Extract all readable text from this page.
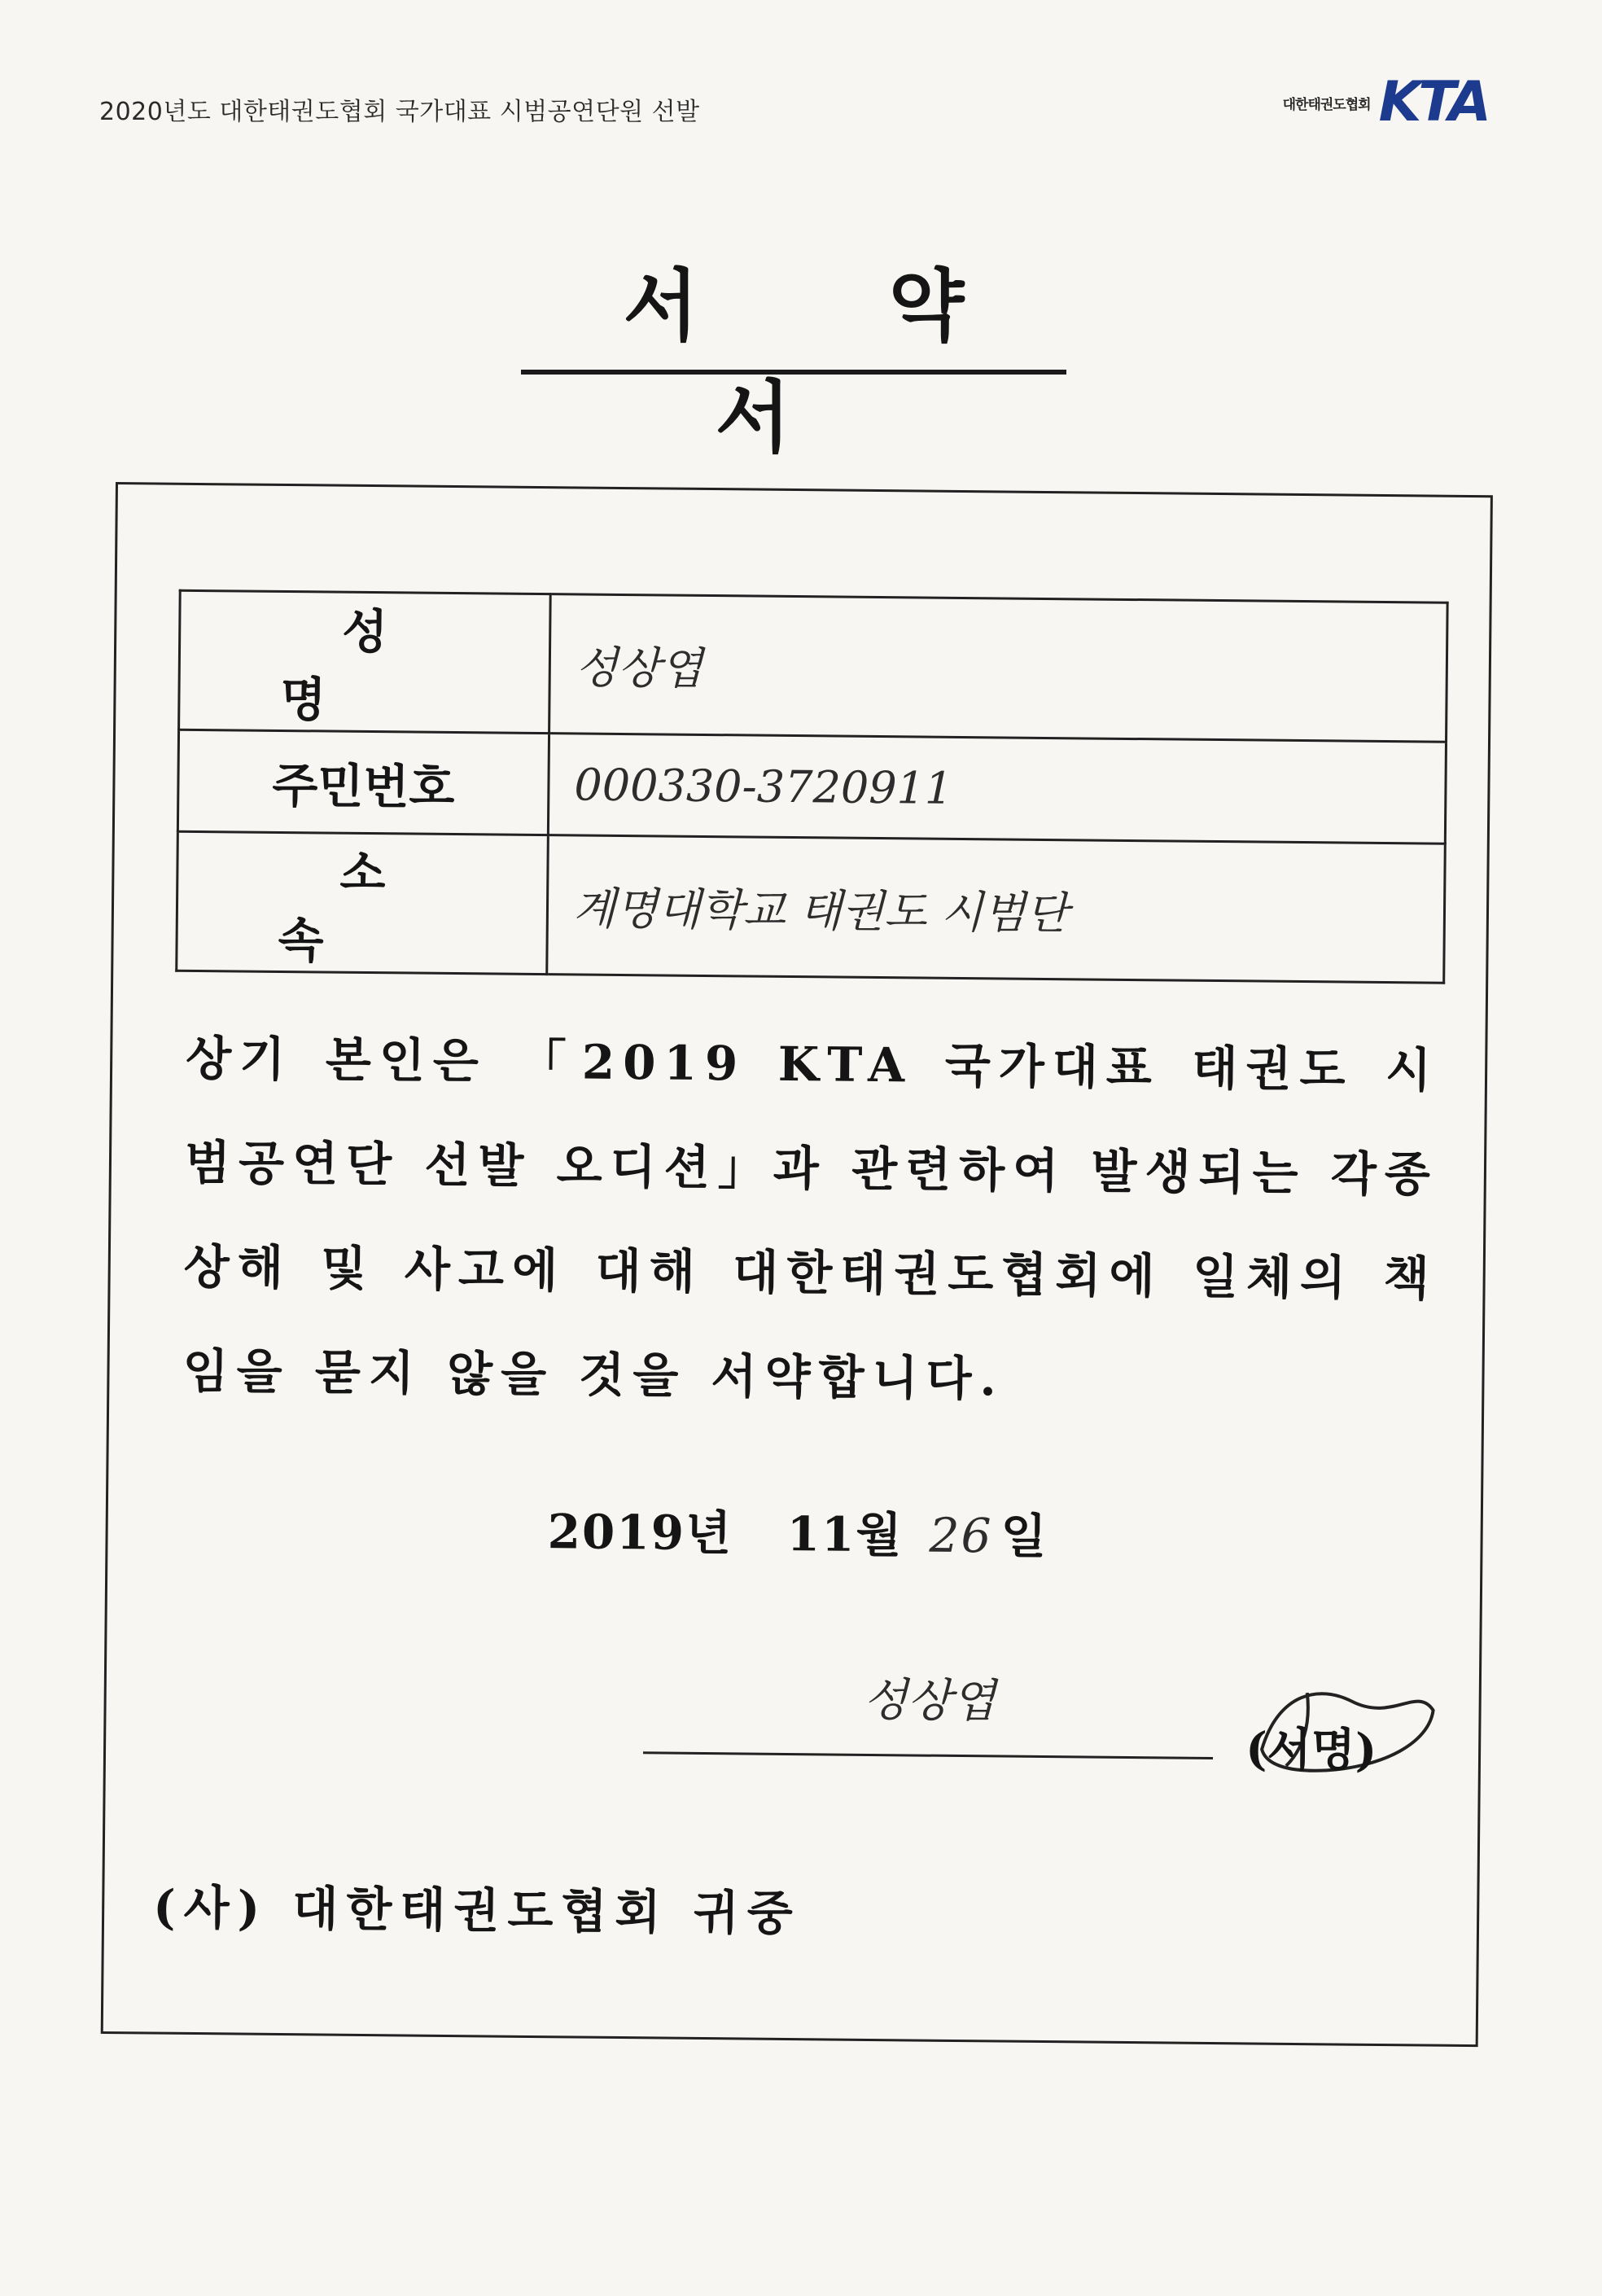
2020년도 대한태권도협회 국가대표 시범공연단원 선발	대한태권도협회 KTA
서 약 서
성 명	성상엽
주민번호	000330-3720911
소 속	계명대학교 태권도 시범단
상기 본인은 「2019 KTA 국가대표 태권도 시범공연단 선발 오디션」과 관련하여 발생되는 각종 상해 및 사고에 대해 대한태권도협회에 일체의 책임을 묻지 않을 것을 서약합니다.
2019년 11월 26 일
성상엽
(서명)
(사) 대한태권도협회 귀중
